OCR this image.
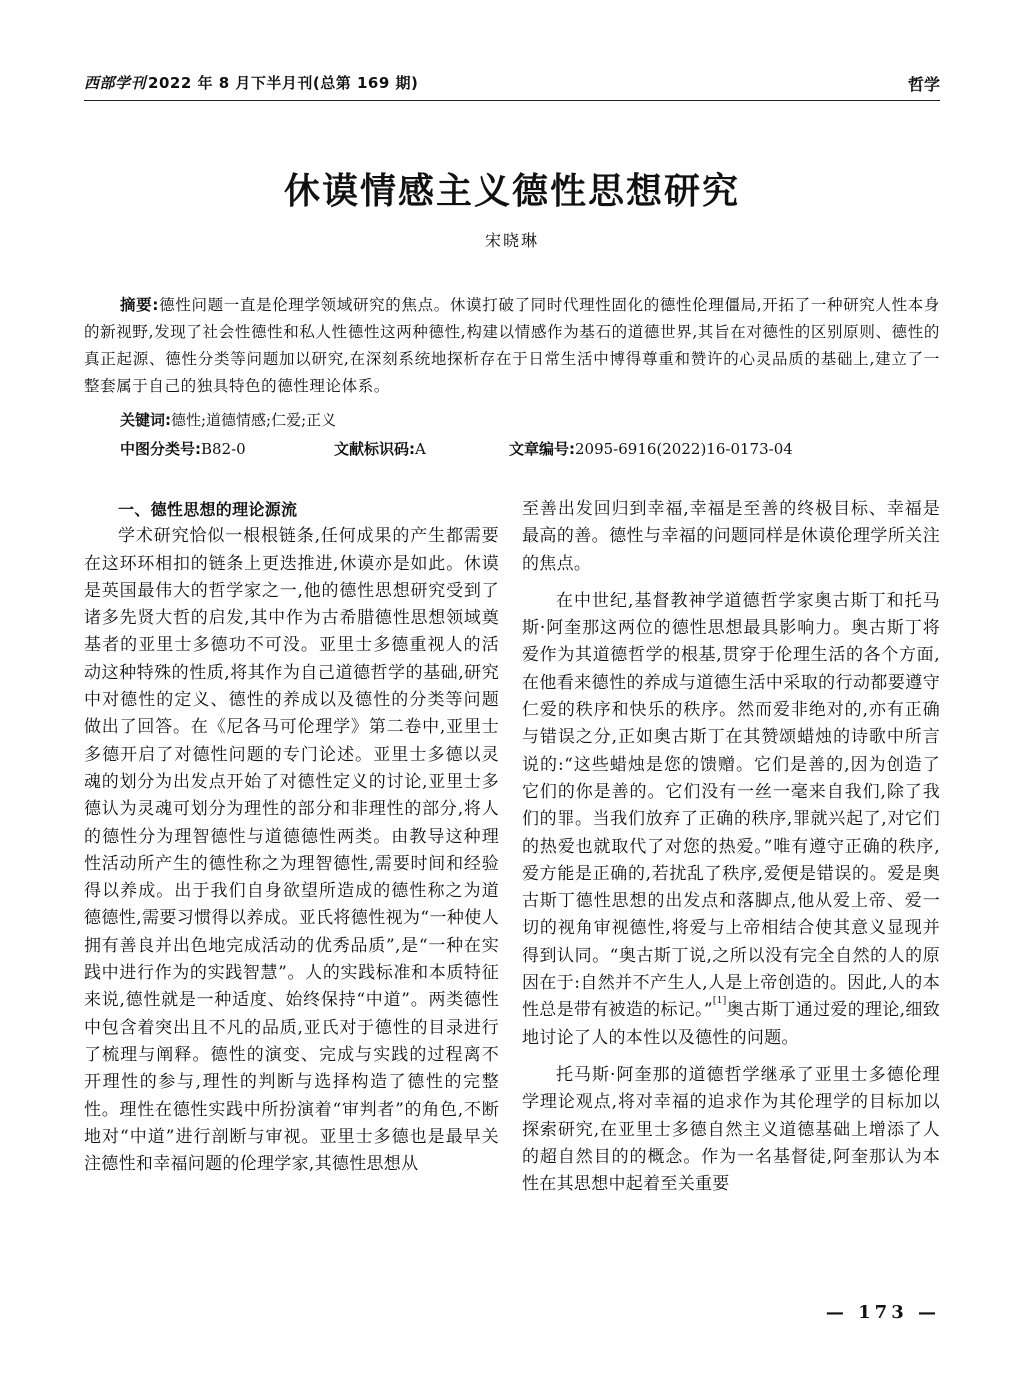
西部学刊 2022 年 8 月下半月刊(总第 169 期)	哲学
休谟情感主义德性思想研究
宋晓琳

摘要:德性问题一直是伦理学领域研究的焦点。休谟打破了同时代理性固化的德性伦理僵局,开拓了一种研究人性本身的新视野,发现了社会性德性和私人性德性这两种德性,构建以情感作为基石的道德世界,其旨在对德性的区别原则、德性的真正起源、德性分类等问题加以研究,在深刻系统地探析存在于日常生活中博得尊重和赞许的心灵品质的基础上,建立了一整套属于自己的独具特色的德性理论体系。

关键词:德性;道德情感;仁爱;正义
中图分类号:B82-0	文献标识码:A	文章编号:2095-6916(2022)16-0173-04
一、德性思想的理论源流

学术研究恰似一根根链条,任何成果的产生都需要在这环环相扣的链条上更迭推进,休谟亦是如此。休谟是英国最伟大的哲学家之一,他的德性思想研究受到了诸多先贤大哲的启发,其中作为古希腊德性思想领域奠基者的亚里士多德功不可没。亚里士多德重视人的活动这种特殊的性质,将其作为自己道德哲学的基础,研究中对德性的定义、德性的养成以及德性的分类等问题做出了回答。在《尼各马可伦理学》第二卷中,亚里士多德开启了对德性问题的专门论述。亚里士多德以灵魂的划分为出发点开始了对德性定义的讨论,亚里士多德认为灵魂可划分为理性的部分和非理性的部分,将人的德性分为理智德性与道德德性两类。由教导这种理性活动所产生的德性称之为理智德性,需要时间和经验得以养成。出于我们自身欲望所造成的德性称之为道德德性,需要习惯得以养成。亚氏将德性视为“一种使人拥有善良并出色地完成活动的优秀品质”,是“一种在实践中进行作为的实践智慧”。人的实践标准和本质特征来说,德性就是一种适度、始终保持“中道”。两类德性中包含着突出且不凡的品质,亚氏对于德性的目录进行了梳理与阐释。德性的演变、完成与实践的过程离不开理性的参与,理性的判断与选择构造了德性的完整性。理性在德性实践中所扮演着“审判者”的角色,不断地对“中道”进行剖断与审视。亚里士多德也是最早关注德性和幸福问题的伦理学家,其德性思想从

至善出发回归到幸福,幸福是至善的终极目标、幸福是最高的善。德性与幸福的问题同样是休谟伦理学所关注的焦点。

在中世纪,基督教神学道德哲学家奥古斯丁和托马斯·阿奎那这两位的德性思想最具影响力。奥古斯丁将爱作为其道德哲学的根基,贯穿于伦理生活的各个方面,在他看来德性的养成与道德生活中采取的行动都要遵守仁爱的秩序和快乐的秩序。然而爱非绝对的,亦有正确与错误之分,正如奥古斯丁在其赞颂蜡烛的诗歌中所言说的:“这些蜡烛是您的馈赠。它们是善的,因为创造了它们的你是善的。它们没有一丝一毫来自我们,除了我们的罪。当我们放弃了正确的秩序,罪就兴起了,对它们的热爱也就取代了对您的热爱。”唯有遵守正确的秩序,爱方能是正确的,若扰乱了秩序,爱便是错误的。爱是奥古斯丁德性思想的出发点和落脚点,他从爱上帝、爱一切的视角审视德性,将爱与上帝相结合使其意义显现并得到认同。“奥古斯丁说,之所以没有完全自然的人的原因在于:自然并不产生人,人是上帝创造的。因此,人的本性总是带有被造的标记。”[1]奥古斯丁通过爱的理论,细致地讨论了人的本性以及德性的问题。

托马斯·阿奎那的道德哲学继承了亚里士多德伦理学理论观点,将对幸福的追求作为其伦理学的目标加以探索研究,在亚里士多德自然主义道德基础上增添了人的超自然目的的概念。作为一名基督徒,阿奎那认为本性在其思想中起着至关重要

— 173 —
